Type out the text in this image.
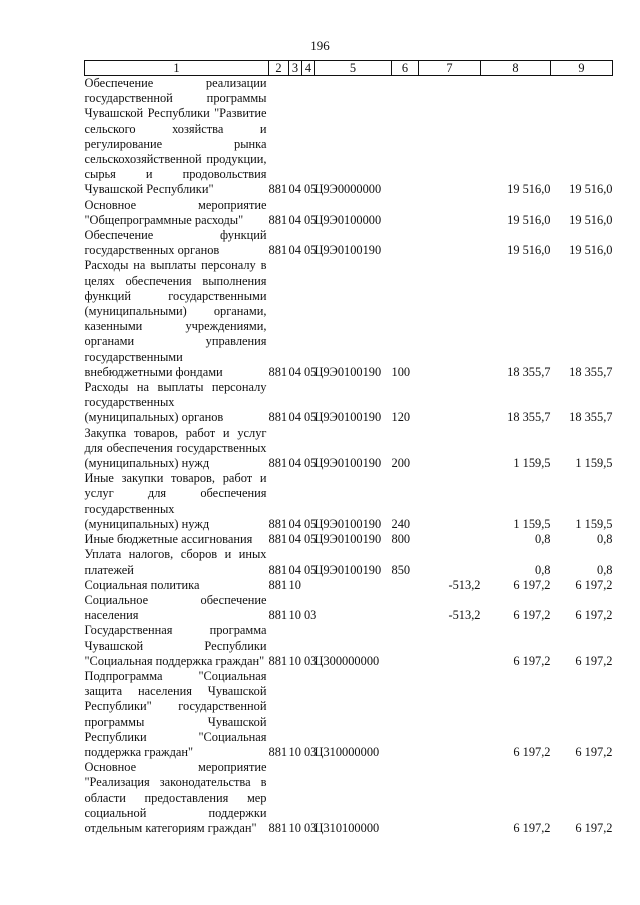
196
1	2	3	4	5	6	7	8	9
Обеспечение реализации государственной программы Чувашской Республики "Развитие сельского хозяйства и регулирование рынка сельскохозяйственной продукции, сырья и продовольствия Чувашской Республики"	881	04 05		Ц9Э0000000			19 516,0	19 516,0
Основное мероприятие "Общепрограммные расходы"	881	04 05		Ц9Э0100000			19 516,0	19 516,0
Обеспечение функций государственных органов	881	04 05		Ц9Э0100190			19 516,0	19 516,0
Расходы на выплаты персоналу в целях обеспечения выполнения функций государственными (муниципальными) органами, казенными учреждениями, органами управления государственными внебюджетными фондами	881	04 05		Ц9Э0100190	100		18 355,7	18 355,7
Расходы на выплаты персоналу государственных (муниципальных) органов	881	04 05		Ц9Э0100190	120		18 355,7	18 355,7
Закупка товаров, работ и услуг для обеспечения государственных (муниципальных) нужд	881	04 05		Ц9Э0100190	200		1 159,5	1 159,5
Иные закупки товаров, работ и услуг для обеспечения государственных (муниципальных) нужд	881	04 05		Ц9Э0100190	240		1 159,5	1 159,5
Иные бюджетные ассигнования	881	04 05		Ц9Э0100190	800		0,8	0,8
Уплата налогов, сборов и иных платежей	881	04 05		Ц9Э0100190	850		0,8	0,8
Социальная политика	881	10				-513,2	6 197,2	6 197,2
Социальное обеспечение населения	881	10 03				-513,2	6 197,2	6 197,2
Государственная программа Чувашской Республики "Социальная поддержка граждан"	881	10 03		Ц300000000			6 197,2	6 197,2
Подпрограмма "Социальная защита населения Чувашской Республики" государственной программы Чувашской Республики "Социальная поддержка граждан"	881	10 03		Ц310000000			6 197,2	6 197,2
Основное мероприятие "Реализация законодательства в области предоставления мер социальной поддержки отдельным категориям граждан"	881	10 03		Ц310100000			6 197,2	6 197,2
